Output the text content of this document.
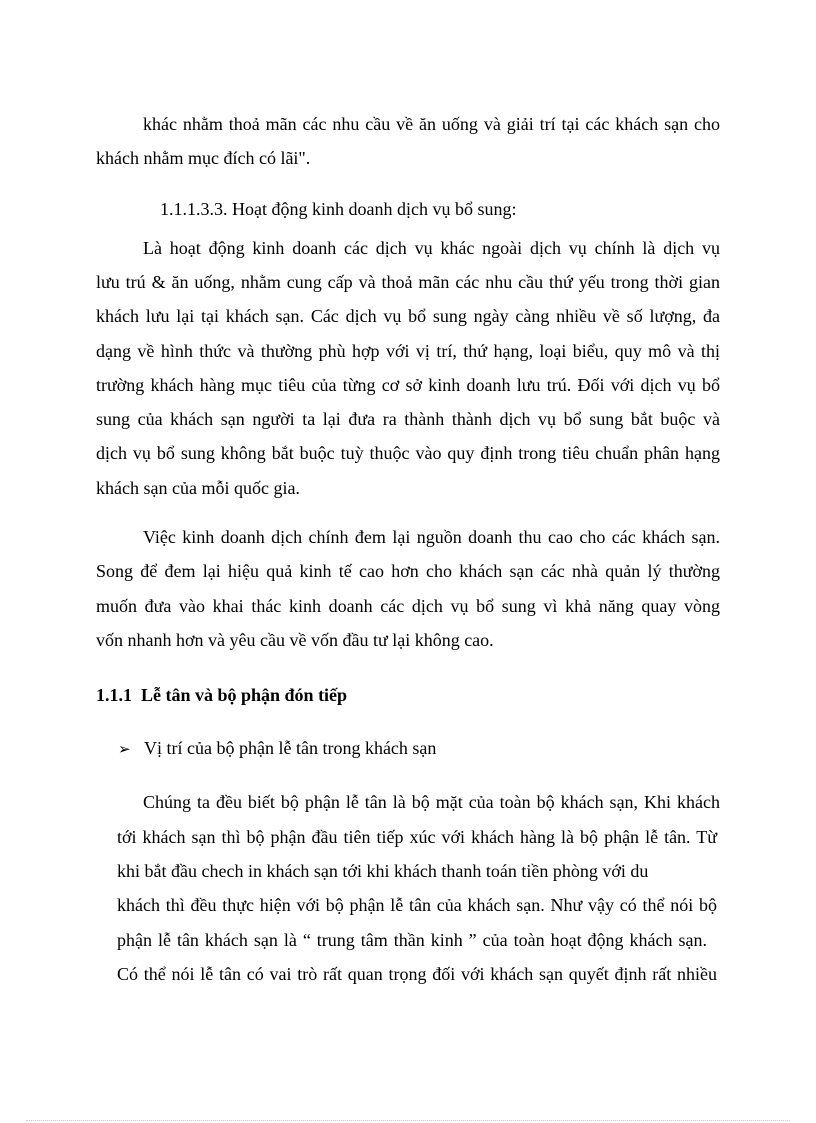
khác nhằm thoả mãn các nhu cầu về ăn uống và giải trí tại các khách sạn cho
khách nhằm mục đích có lãi".
1.1.1.3.3. Hoạt động kinh doanh dịch vụ bổ sung:
Là hoạt động kinh doanh các dịch vụ khác ngoài dịch vụ chính là dịch vụ
lưu trú & ăn uống, nhằm cung cấp và thoả mãn các nhu cầu thứ yếu trong thời gian
khách lưu lại tại khách sạn. Các dịch vụ bổ sung ngày càng nhiều về số lượng, đa
dạng về hình thức và thường phù hợp với vị trí, thứ hạng, loại biểu, quy mô và thị
trường khách hàng mục tiêu của từng cơ sở kinh doanh lưu trú. Đối với dịch vụ bổ
sung của khách sạn người ta lại đưa ra thành thành dịch vụ bổ sung bắt buộc và
dịch vụ bổ sung không bắt buộc tuỳ thuộc vào quy định trong tiêu chuẩn phân hạng
khách sạn của mỗi quốc gia.
Việc kinh doanh dịch chính đem lại nguồn doanh thu cao cho các khách sạn.
Song để đem lại hiệu quả kinh tế cao hơn cho khách sạn các nhà quản lý thường
muốn đưa vào khai thác kinh doanh các dịch vụ bổ sung vì khả năng quay vòng
vốn nhanh hơn và yêu cầu về vốn đầu tư lại không cao.
1.1.1 Lễ tân và bộ phận đón tiếp
➢ Vị trí của bộ phận lễ tân trong khách sạn
Chúng ta đều biết bộ phận lễ tân là bộ mặt của toàn bộ khách sạn, Khi khách
tới khách sạn thì bộ phận đầu tiên tiếp xúc với khách hàng là bộ phận lễ tân. Từ
khi bắt đầu chech in khách sạn tới khi khách thanh toán tiền phòng với du
khách thì đều thực hiện với bộ phận lễ tân của khách sạn. Như vậy có thể nói bộ
phận lễ tân khách sạn là “ trung tâm thần kinh ” của toàn hoạt động khách sạn.
Có thể nói lễ tân có vai trò rất quan trọng đối với khách sạn quyết định rất nhiều
